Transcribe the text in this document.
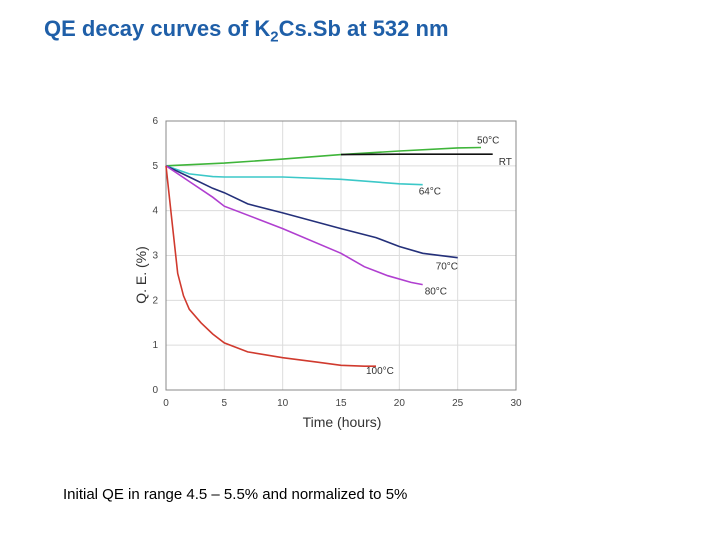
QE decay curves of $K_2Cs.Sb$ at 532 nm
0	5	10	15	20	25	30
0
1
2
3
4
5
6
50°C
RT
64°C
70°C
80°C
100°C
Time (hours)
Q. E. (%)
Initial QE in range 4.5 – 5.5% and normalized to 5%
